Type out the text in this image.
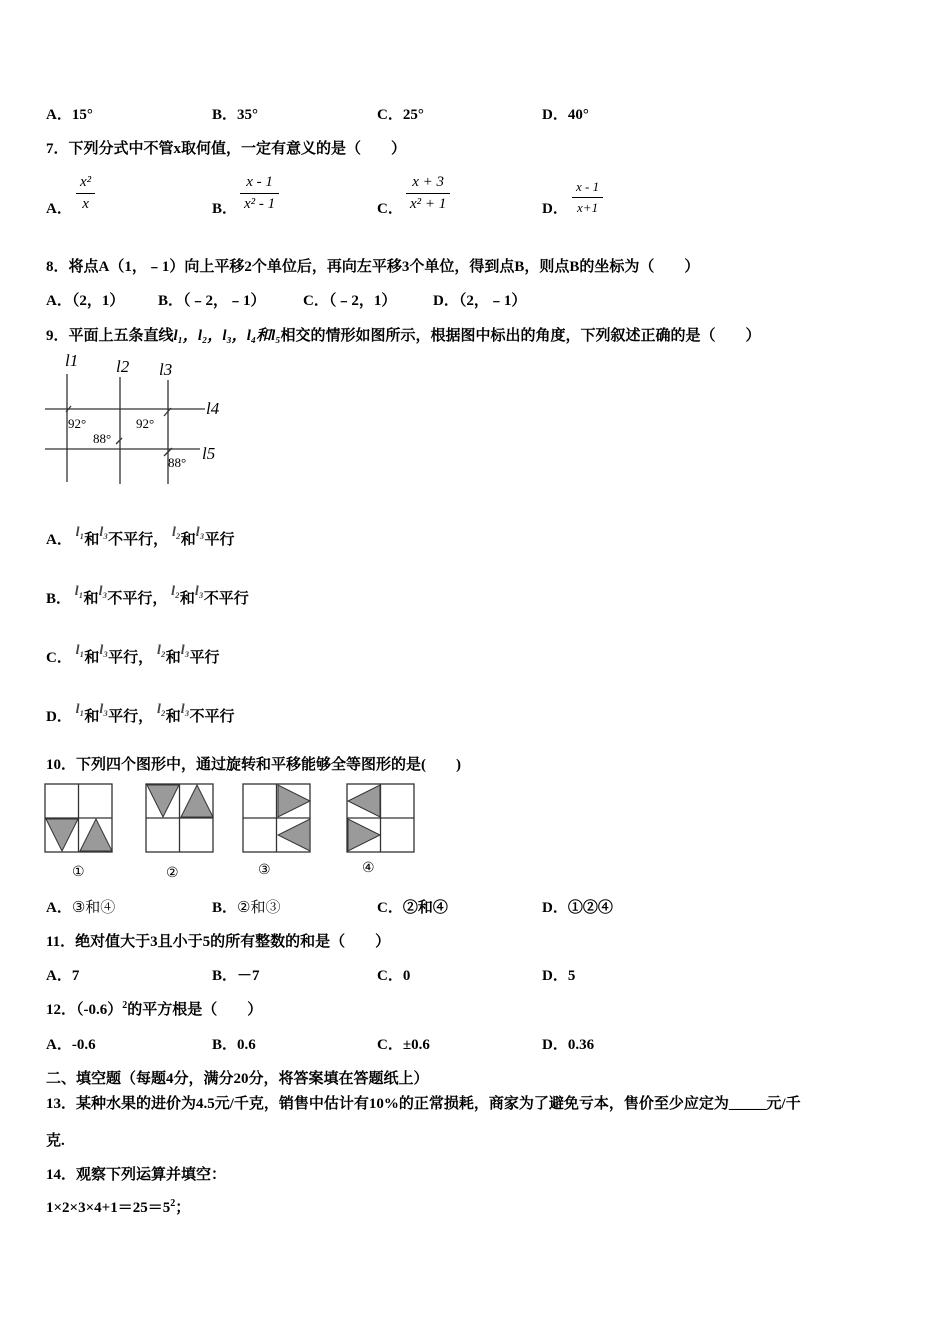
A．15°	B．35°	C．25°	D．40°
7．下列分式中不管x取何值，一定有意义的是（　　）
A． $\frac{\text{x²}}{x}$	B． $\frac{x - 1}{\text{x² - 1}}$	C． $\frac{x + 3}{\text{x² + 1}}$	D． $\frac{x - 1}{x+1}$
8．将点A（1，﹣1）向上平移2个单位后，再向左平移3个单位，得到点B，则点B的坐标为（　　）
A．（2，1） B．（﹣2，﹣1） C．（﹣2，1） D．（2，﹣1）
9．平面上五条直线l₁，l₂，l₃，l₄和l₅相交的情形如图所示，根据图中标出的角度，下列叙述正确的是（　　）
l1 l2 l3
l4
l5
92°
88°
92°
88°
A． l₁和l₃不平行， l₂和l₃平行
B． l₁和l₃不平行， l₂和l₃不平行
C． l₁和l₃平行， l₂和l₃平行
D． l₁和l₃平行， l₂和l₃不平行
10．下列四个图形中，通过旋转和平移能够全等图形的是(　　)
①	②	③	④
A．③和④	B．②和③	C．②和④	D．①②④
11．绝对值大于3且小于5的所有整数的和是（　　）
A．7	B．－7	C．0	D．5
12．$(-0.6)^2$的平方根是（　　）
A．-0.6	B．0.6	C．±0.6	D．0.36
二、填空题（每题4分，满分20分，将答案填在答题纸上）
13．某种水果的进价为4.5元/千克，销售中估计有10%的正常损耗，商家为了避免亏本，售价至少应定为_____元/千
克.
14．观察下列运算并填空：
$1\times 2\times 3\times 4+1=25=5^2$；
